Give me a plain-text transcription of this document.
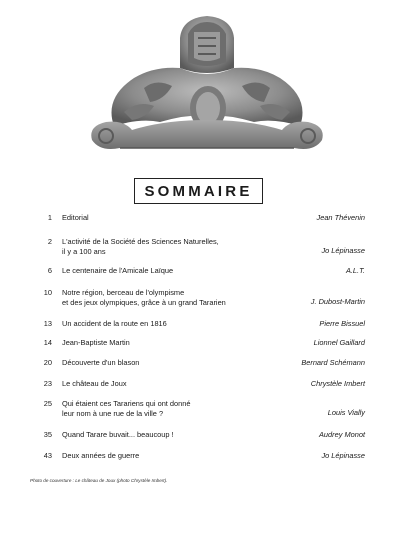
SOMMAIRE
1 Editorial	Jean Thévenin
2 L'activité de la Société des Sciences Naturelles,
il y a 100 ans	Jo Lépinasse
6 Le centenaire de l'Amicale Laïque	A.L.T.
10 Notre région, berceau de l'olympisme
et des jeux olympiques, grâce à un grand Tararien	J. Dubost-Martin
13 Un accident de la route en 1816	Pierre Bissuel
14 Jean-Baptiste Martin	Lionnel Gaillard
20 Découverte d'un blason	Bernard Schémann
23 Le château de Joux	Chrystèle Imbert
25 Qui étaient ces Tarariens qui ont donné
leur nom à une rue de la ville ?	Louis Vially
35 Quand Tarare buvait... beaucoup !	Audrey Monot
43 Deux années de guerre	Jo Lépinasse
Photo de couverture : Le château de Joux (photo Chrystèle Imbert).
